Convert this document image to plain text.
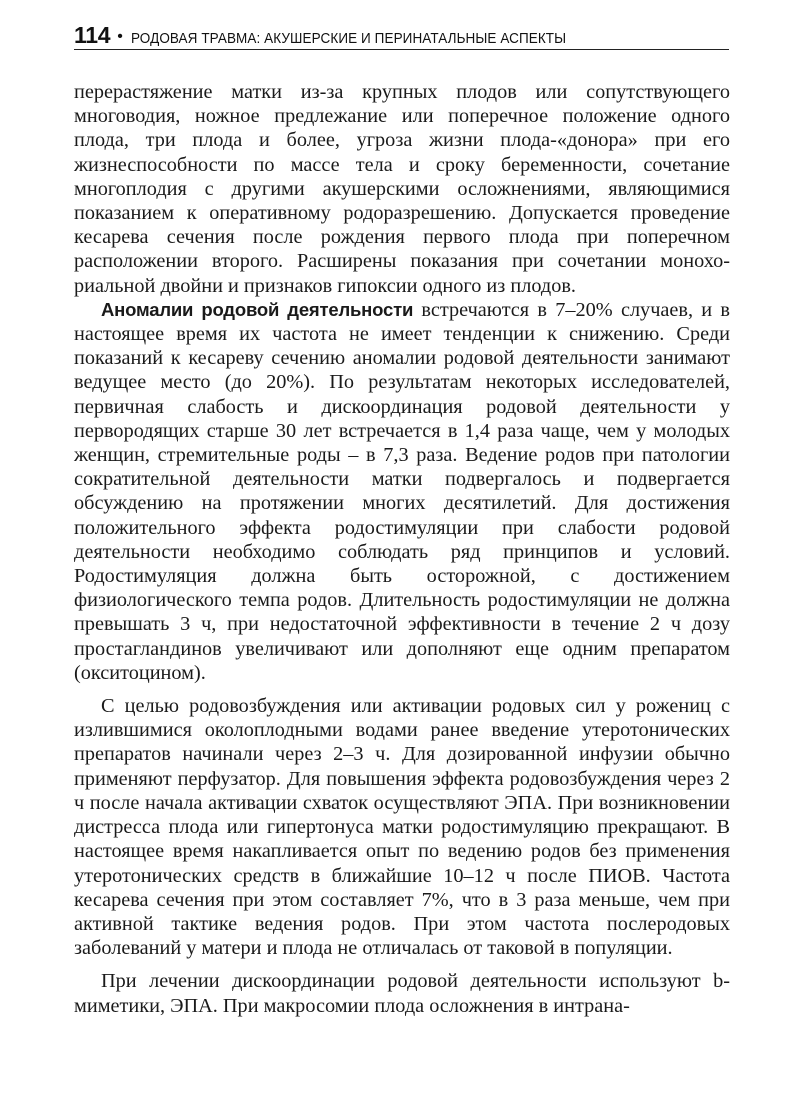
114 • РОДОВАЯ ТРАВМА: АКУШЕРСКИЕ И ПЕРИНАТАЛЬНЫЕ АСПЕКТЫ

перерастяжение матки из-за крупных плодов или сопутствующего многоводия, ножное предлежание или поперечное положение одного плода, три плода и более, угроза жизни плода-«донора» при его жизнеспособности по массе тела и сроку беременности, сочетание многоплодия с другими акушерскими осложнениями, являющимися показанием к оперативному родоразрешению. Допускается проведение кесарева сечения после рождения первого плода при поперечном расположении второго. Расширены показания при сочетании монохориальной двойни и признаков гипоксии одного из плодов.

Аномалии родовой деятельности встречаются в 7–20% случаев, и в настоящее время их частота не имеет тенденции к снижению. Среди показаний к кесареву сечению аномалии родовой деятельности занимают ведущее место (до 20%). По результатам некоторых исследователей, первичная слабость и дискоординация родовой деятельности у первородящих старше 30 лет встречается в 1,4 раза чаще, чем у молодых женщин, стремительные роды – в 7,3 раза. Ведение родов при патологии сократительной деятельности матки подвергалось и подвергается обсуждению на протяжении многих десятилетий. Для достижения положительного эффекта родостимуляции при слабости родовой деятельности необходимо соблюдать ряд принципов и условий. Родостимуляция должна быть осторожной, с достижением физиологического темпа родов. Длительность родостимуляции не должна превышать 3 ч, при недостаточной эффективности в течение 2 ч дозу простагландинов увеличивают или дополняют еще одним препаратом (окситоцином).

С целью родовозбуждения или активации родовых сил у рожениц с излившимися околоплодными водами ранее введение утеротонических препаратов начинали через 2–3 ч. Для дозированной инфузии обычно применяют перфузатор. Для повышения эффекта родовозбуждения через 2 ч после начала активации схваток осуществляют ЭПА. При возникновении дистресса плода или гипертонуса матки родостимуляцию прекращают. В настоящее время накапливается опыт по ведению родов без применения утеротонических средств в ближайшие 10–12 ч после ПИОВ. Частота кесарева сечения при этом составляет 7%, что в 3 раза меньше, чем при активной тактике ведения родов. При этом частота послеродовых заболеваний у матери и плода не отличалась от таковой в популяции.

При лечении дискоординации родовой деятельности используют b-миметики, ЭПА. При макросомии плода осложнения в интрана-
